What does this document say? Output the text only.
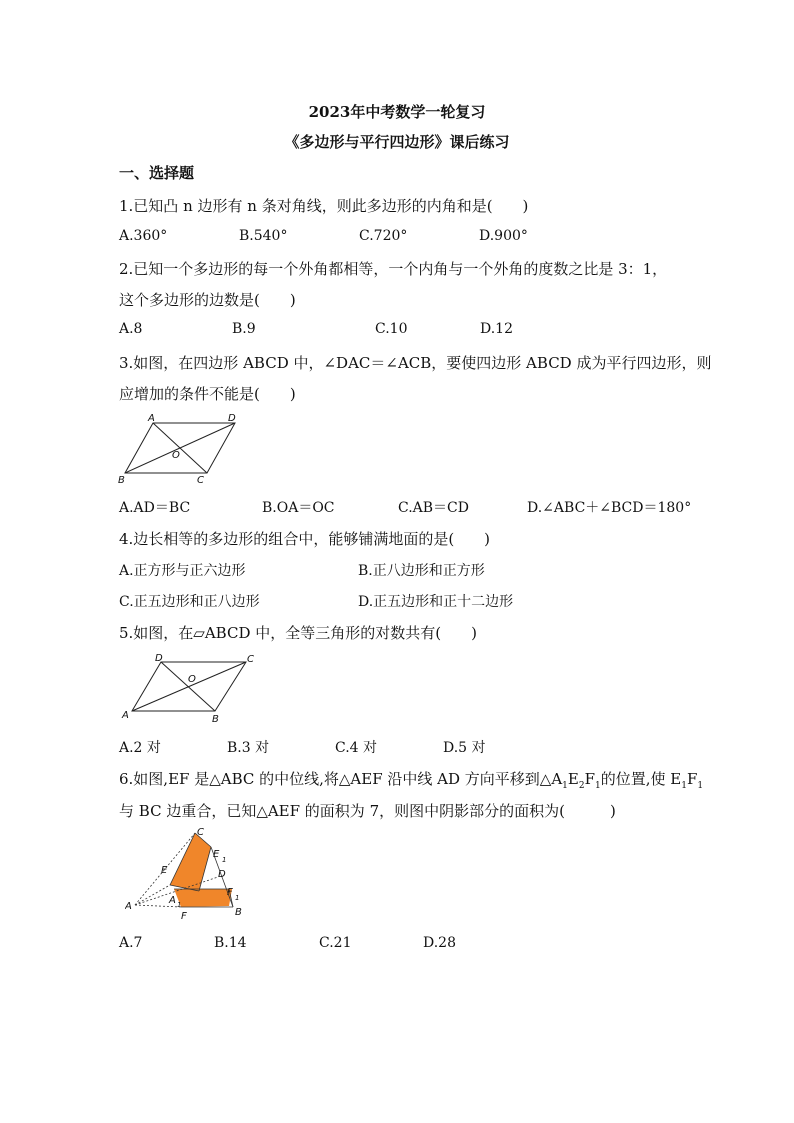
2023年中考数学一轮复习
《多边形与平行四边形》课后练习
一、选择题
1.已知凸 n 边形有 n 条对角线，则此多边形的内角和是(　　)
A.360°	B.540°	C.720°	D.900°
2.已知一个多边形的每一个外角都相等，一个内角与一个外角的度数之比是 3：1，
这个多边形的边数是(　　)
A.8	B.9	C.10	D.12
3.如图，在四边形 ABCD 中，∠DAC＝∠ACB，要使四边形 ABCD 成为平行四边形，则
应增加的条件不能是(　　)
A	D
B	C
O
A.AD＝BC	B.OA＝OC	C.AB＝CD	D.∠ABC＋∠BCD＝180°
4.边长相等的多边形的组合中，能够铺满地面的是(　　)
A.正方形与正六边形	B.正八边形和正方形
C.正五边形和正八边形	D.正五边形和正十二边形
5.如图，在▱ABCD 中，全等三角形的对数共有(　　)
A	B
C
D
O
A.2 对	B.3 对	C.4 对	D.5 对
6.如图,EF 是△ABC 的中位线,将△AEF 沿中线 AD 方向平移到$\triangle A_1E_2F_1$的位置,使 $E_1F_1$
与 BC 边重合，已知△AEF 的面积为 7，则图中阴影部分的面积为(　　　)
A
B
C
D
E
E 1
F
F 1
A 1
A.7	B.14	C.21	D.28
